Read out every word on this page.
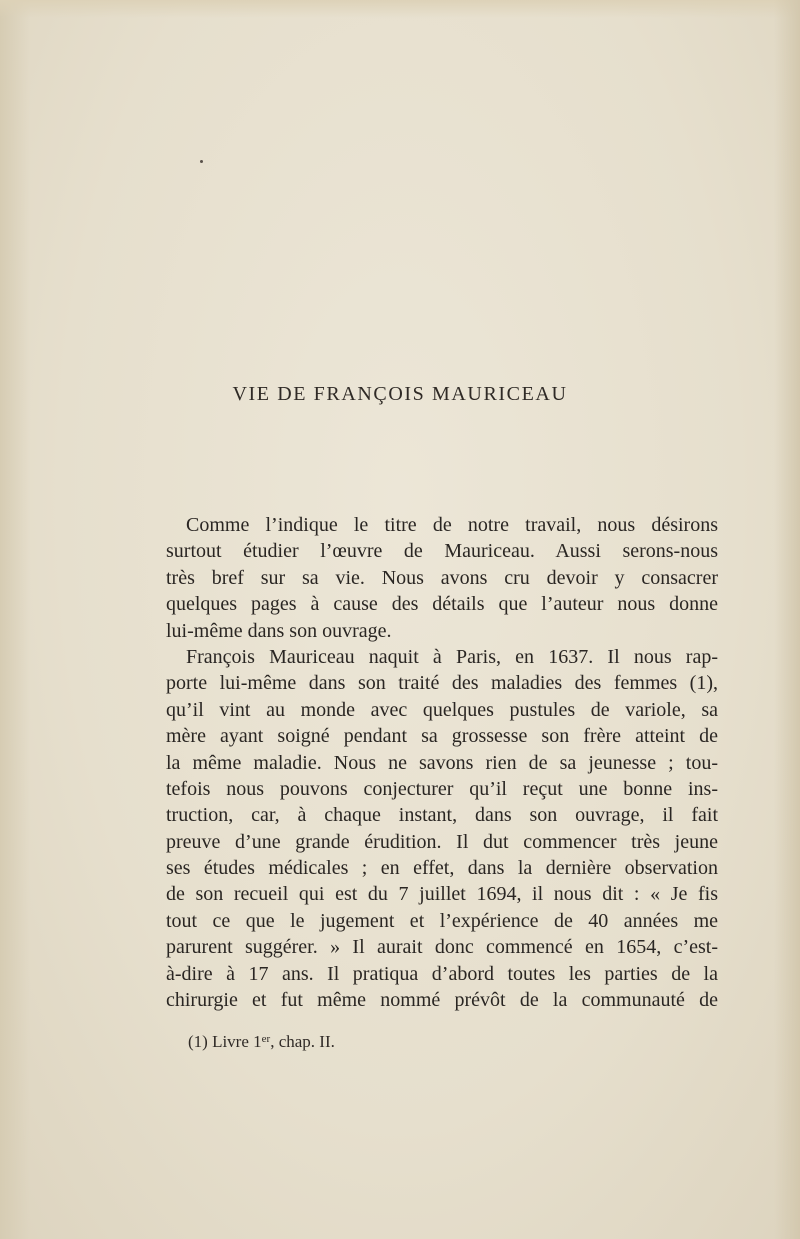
VIE DE FRANÇOIS MAURICEAU
Comme l’indique le titre de notre travail, nous désirons
surtout étudier l’œuvre de Mauriceau. Aussi serons-nous
très bref sur sa vie. Nous avons cru devoir y consacrer
quelques pages à cause des détails que l’auteur nous donne
lui-même dans son ouvrage.
François Mauriceau naquit à Paris, en 1637. Il nous rap-
porte lui-même dans son traité des maladies des femmes (1),
qu’il vint au monde avec quelques pustules de variole, sa
mère ayant soigné pendant sa grossesse son frère atteint de
la même maladie. Nous ne savons rien de sa jeunesse ; tou-
tefois nous pouvons conjecturer qu’il reçut une bonne ins-
truction, car, à chaque instant, dans son ouvrage, il fait
preuve d’une grande érudition. Il dut commencer très jeune
ses études médicales ; en effet, dans la dernière observation
de son recueil qui est du 7 juillet 1694, il nous dit : « Je fis
tout ce que le jugement et l’expérience de 40 années me
parurent suggérer. » Il aurait donc commencé en 1654, c’est-
à-dire à 17 ans. Il pratiqua d’abord toutes les parties de la
chirurgie et fut même nommé prévôt de la communauté de
(1) Livre 1er, chap. II.
